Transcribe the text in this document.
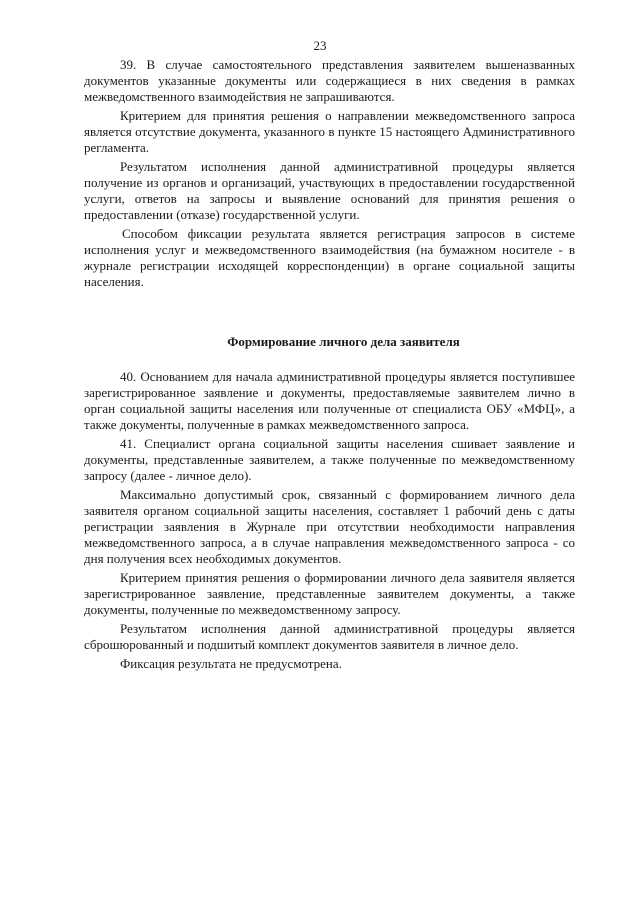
23

39. В случае самостоятельного представления заявителем вышеназванных документов указанные документы или содержащиеся в них сведения в рамках межведомственного взаимодействия не запрашиваются.

Критерием для принятия решения о направлении межведомственного запроса является отсутствие документа, указанного в пункте 15 настоящего Административного регламента.

Результатом исполнения данной административной процедуры является получение из органов и организаций, участвующих в предоставлении государственной услуги, ответов на запросы и выявление оснований для принятия решения о предоставлении (отказе) государственной услуги.

Способом фиксации результата является регистрация запросов в системе исполнения услуг и межведомственного взаимодействия (на бумажном носителе - в журнале регистрации исходящей корреспонденции) в органе социальной защиты населения.

Формирование личного дела заявителя

40. Основанием для начала административной процедуры является поступившее зарегистрированное заявление и документы, предоставляемые заявителем лично в орган социальной защиты населения или полученные от специалиста ОБУ «МФЦ», а также документы, полученные в рамках межведомственного запроса.

41. Специалист органа социальной защиты населения сшивает заявление и документы, представленные заявителем, а также полученные по межведомственному запросу (далее - личное дело).

Максимально допустимый срок, связанный с формированием личного дела заявителя органом социальной защиты населения, составляет 1 рабочий день с даты регистрации заявления в Журнале при отсутствии необходимости направления межведомственного запроса, а в случае направления межведомственного запроса - со дня получения всех необходимых документов.

Критерием принятия решения о формировании личного дела заявителя является зарегистрированное заявление, представленные заявителем документы, а также документы, полученные по межведомственному запросу.

Результатом исполнения данной административной процедуры является сброшюрованный и подшитый комплект документов заявителя в личное дело.

Фиксация результата не предусмотрена.
